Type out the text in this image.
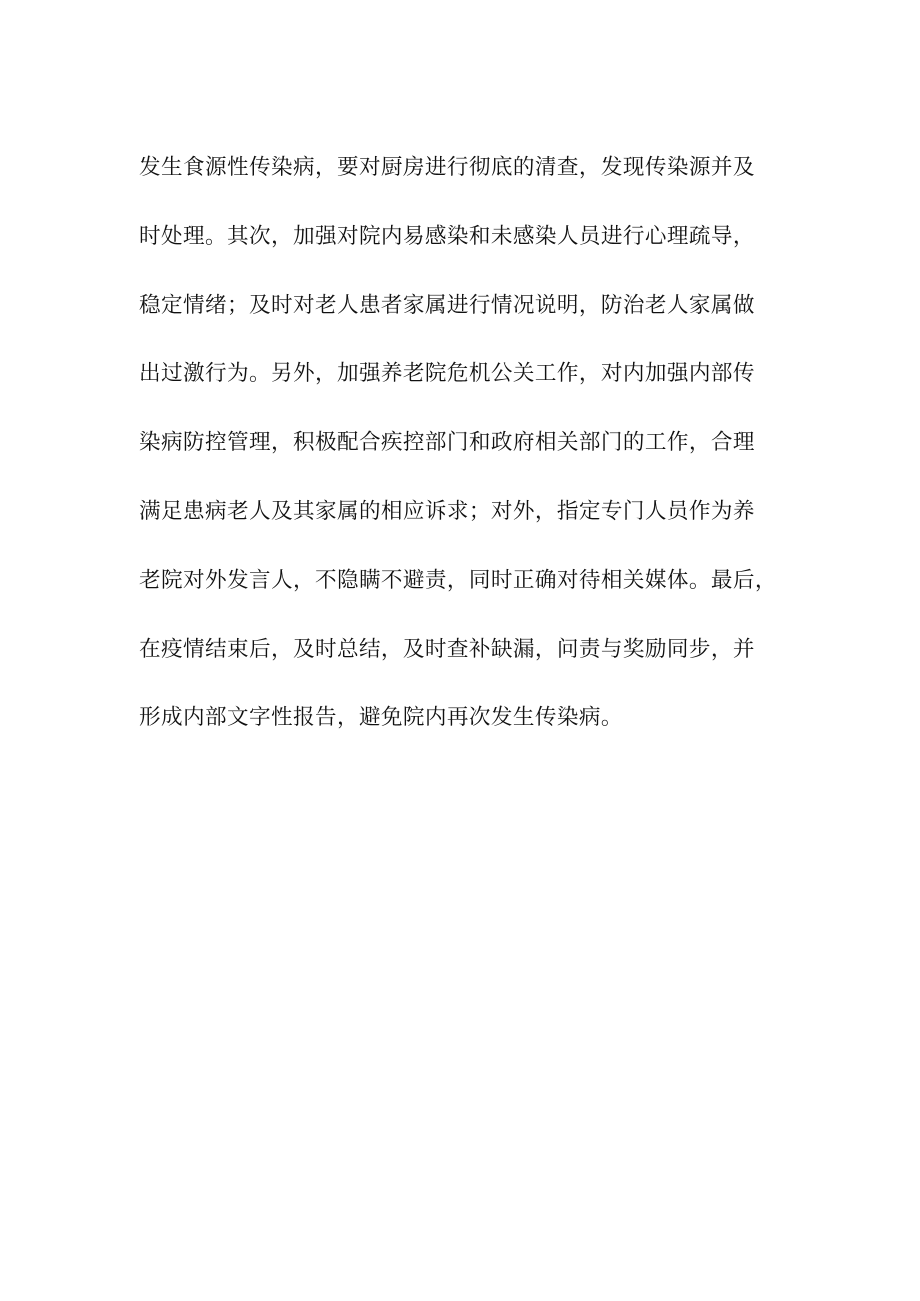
发生食源性传染病，要对厨房进行彻底的清查，发现传染源并及
时处理。其次，加强对院内易感染和未感染人员进行心理疏导，
稳定情绪；及时对老人患者家属进行情况说明，防治老人家属做
出过激行为。另外，加强养老院危机公关工作，对内加强内部传
染病防控管理，积极配合疾控部门和政府相关部门的工作，合理
满足患病老人及其家属的相应诉求；对外，指定专门人员作为养
老院对外发言人，不隐瞒不避责，同时正确对待相关媒体。最后，
在疫情结束后，及时总结，及时查补缺漏，问责与奖励同步，并
形成内部文字性报告，避免院内再次发生传染病。
